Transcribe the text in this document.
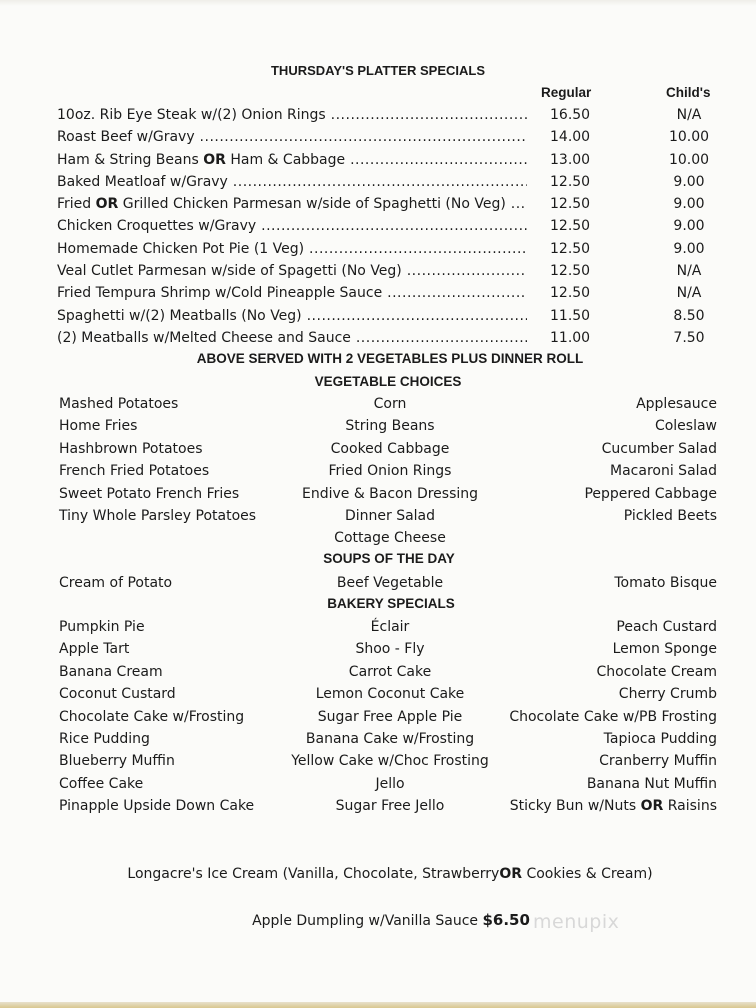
THURSDAY'S PLATTER SPECIALS
Regular	Child's
10oz. Rib Eye Steak w/(2) Onion Rings .....	16.50	N/A
Roast Beef w/Gravy .....	14.00	10.00
Ham & String Beans OR Ham & Cabbage .....	13.00	10.00
Baked Meatloaf w/Gravy .....	12.50	9.00
Fried OR Grilled Chicken Parmesan w/side of Spaghetti (No Veg) .....	12.50	9.00
Chicken Croquettes w/Gravy .....	12.50	9.00
Homemade Chicken Pot Pie (1 Veg) .....	12.50	9.00
Veal Cutlet Parmesan w/side of Spagetti (No Veg) .....	12.50	N/A
Fried Tempura Shrimp w/Cold Pineapple Sauce .....	12.50	N/A
Spaghetti w/(2) Meatballs (No Veg) .....	11.50	8.50
(2) Meatballs w/Melted Cheese and Sauce .....	11.00	7.50
ABOVE SERVED WITH 2 VEGETABLES PLUS DINNER ROLL
VEGETABLE CHOICES
Mashed Potatoes	Corn	Applesauce
Home Fries	String Beans	Coleslaw
Hashbrown Potatoes	Cooked Cabbage	Cucumber Salad
French Fried Potatoes	Fried Onion Rings	Macaroni Salad
Sweet Potato French Fries	Endive & Bacon Dressing	Peppered Cabbage
Tiny Whole Parsley Potatoes	Dinner Salad	Pickled Beets
Cottage Cheese
SOUPS OF THE DAY
Cream of Potato	Beef Vegetable	Tomato Bisque
BAKERY SPECIALS
Pumpkin Pie	Éclair	Peach Custard
Apple Tart	Shoo - Fly	Lemon Sponge
Banana Cream	Carrot Cake	Chocolate Cream
Coconut Custard	Lemon Coconut Cake	Cherry Crumb
Chocolate Cake w/Frosting	Sugar Free Apple Pie	Chocolate Cake w/PB Frosting
Rice Pudding	Banana Cake w/Frosting	Tapioca Pudding
Blueberry Muffin	Yellow Cake w/Choc Frosting	Cranberry Muffin
Coffee Cake	Jello	Banana Nut Muffin
Pinapple Upside Down Cake	Sugar Free Jello	Sticky Bun w/Nuts OR Raisins
Longacre's Ice Cream (Vanilla, Chocolate, StrawberryOR Cookies & Cream)
Apple Dumpling w/Vanilla Sauce $6.50 menupix
